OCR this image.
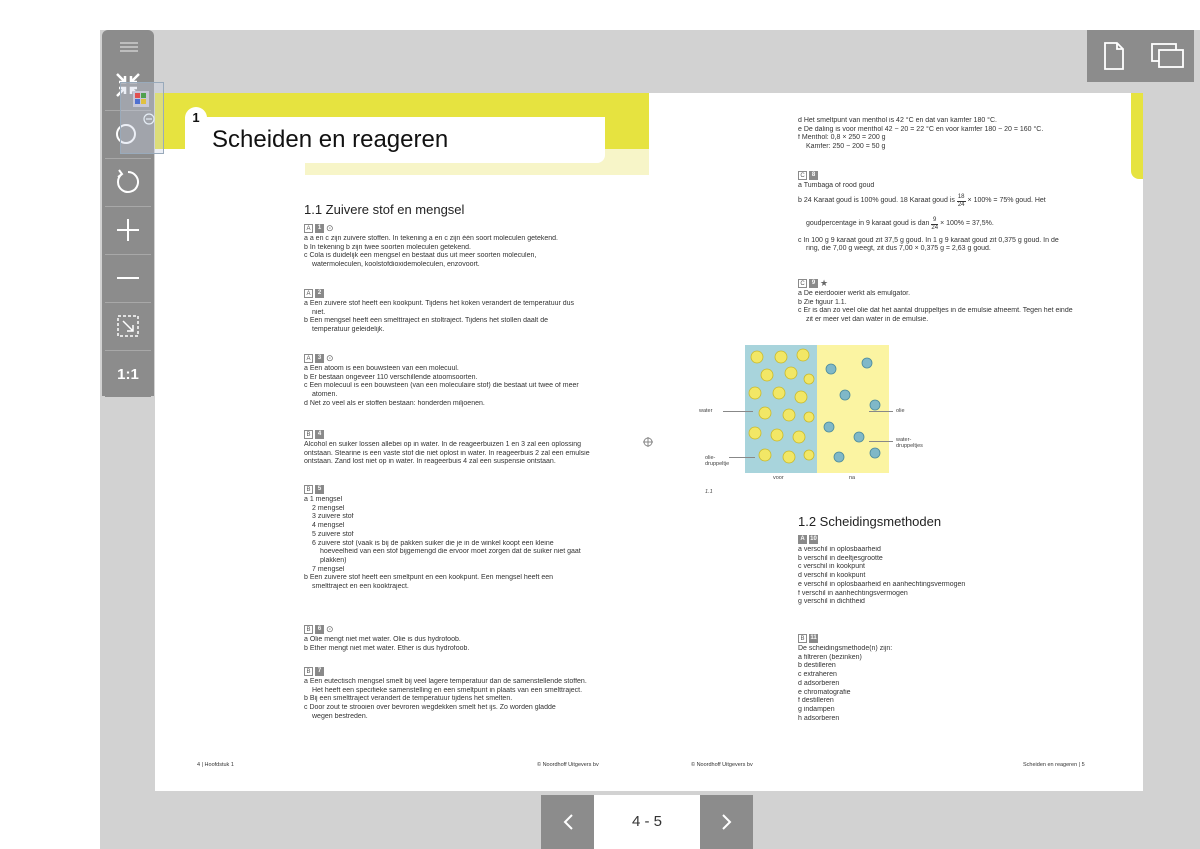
1
Scheiden en reageren
1.1 Zuivere stof en mengsel
A	1 ⊙
a a en c zijn zuivere stoffen. In tekening a en c zijn één soort moleculen getekend.
b In tekening b zijn twee soorten moleculen getekend.
c Cola is duidelijk een mengsel en bestaat dus uit meer soorten moleculen,
watermoleculen, koolstofdioxidemoleculen, enzovoort.
A	2
a Een zuivere stof heeft een kookpunt. Tijdens het koken verandert de temperatuur dus
niet.
b Een mengsel heeft een smelttraject en stoltraject. Tijdens het stollen daalt de
temperatuur geleidelijk.
A	3 ⊙
a Een atoom is een bouwsteen van een molecuul.
b Er bestaan ongeveer 110 verschillende atoomsoorten.
c Een molecuul is een bouwsteen (van een moleculaire stof) die bestaat uit twee of meer
atomen.
d Net zo veel als er stoffen bestaan: honderden miljoenen.
B	4
Alcohol en suiker lossen allebei op in water. In de reageerbuizen 1 en 3 zal een oplossing
ontstaan. Stearine is een vaste stof die niet oplost in water. In reageerbuis 2 zal een emulsie
ontstaan. Zand lost niet op in water. In reageerbuis 4 zal een suspensie ontstaan.
B	5
a 1 mengsel
2 mengsel
3 zuivere stof
4 mengsel
5 zuivere stof
6 zuivere stof (vaak is bij de pakken suiker die je in de winkel koopt een kleine
hoeveelheid van een stof bijgemengd die ervoor moet zorgen dat de suiker niet gaat
plakken)
7 mengsel
b Een zuivere stof heeft een smeltpunt en een kookpunt. Een mengsel heeft een
smelttraject en een kooktraject.
B	6 ⊙
a Olie mengt niet met water. Olie is dus hydrofoob.
b Ether mengt niet met water. Ether is dus hydrofoob.
B	7
a Een eutectisch mengsel smelt bij veel lagere temperatuur dan de samenstellende stoffen.
Het heeft een specifieke samenstelling en een smeltpunt in plaats van een smelttraject.
b Bij een smelttraject verandert de temperatuur tijdens het smelten.
c Door zout te strooien over bevroren wegdekken smelt het ijs. Zo worden gladde
wegen bestreden.
4 | Hoofdstuk 1	© Noordhoff Uitgevers bv
d Het smeltpunt van menthol is 42 °C en dat van kamfer 180 °C.
e De daling is voor menthol 42 − 20 = 22 °C en voor kamfer 180 − 20 = 160 °C.
f Menthol: 0,8 × 250 = 200 g
Kamfer: 250 − 200 = 50 g
C	8
a Tumbaga of rood goud
b 24 Karaat goud is 100% goud. 18 Karaat goud is $\frac{18}{24} \times 100\% = 75\%$ goud. Het
goudpercentage in 9 karaat goud is dan $\frac{9}{24} \times 100\% = 37,5\%$.
c In 100 g 9 karaat goud zit 37,5 g goud. In 1 g 9 karaat goud zit 0,375 g goud. In de
ring, die 7,00 g weegt, zit dus 7,00 × 0,375 g = 2,63 g goud.
C	9 ★
a De eierdooier werkt als emulgator.
b Zie figuur 1.1.
c Er is dan zo veel olie dat het aantal druppeltjes in de emulsie afneemt. Tegen het einde
zit er meer vet dan water in de emulsie.
water	olie
water-
druppeltjes
olie-
druppeltje
voor	na
1.1
1.2 Scheidingsmethoden
A 10
a verschil in oplosbaarheid
b verschil in deeltjesgrootte
c verschil in kookpunt
d verschil in kookpunt
e verschil in oplosbaarheid en aanhechtingsvermogen
f verschil in aanhechtingsvermogen
g verschil in dichtheid
B 11
De scheidingsmethode(n) zijn:
a filtreren (bezinken)
b destilleren
c extraheren
d adsorberen
e chromatografie
f destilleren
g indampen
h adsorberen
© Noordhoff Uitgevers bv	Scheiden en reageren | 5
1:1
4 - 5
